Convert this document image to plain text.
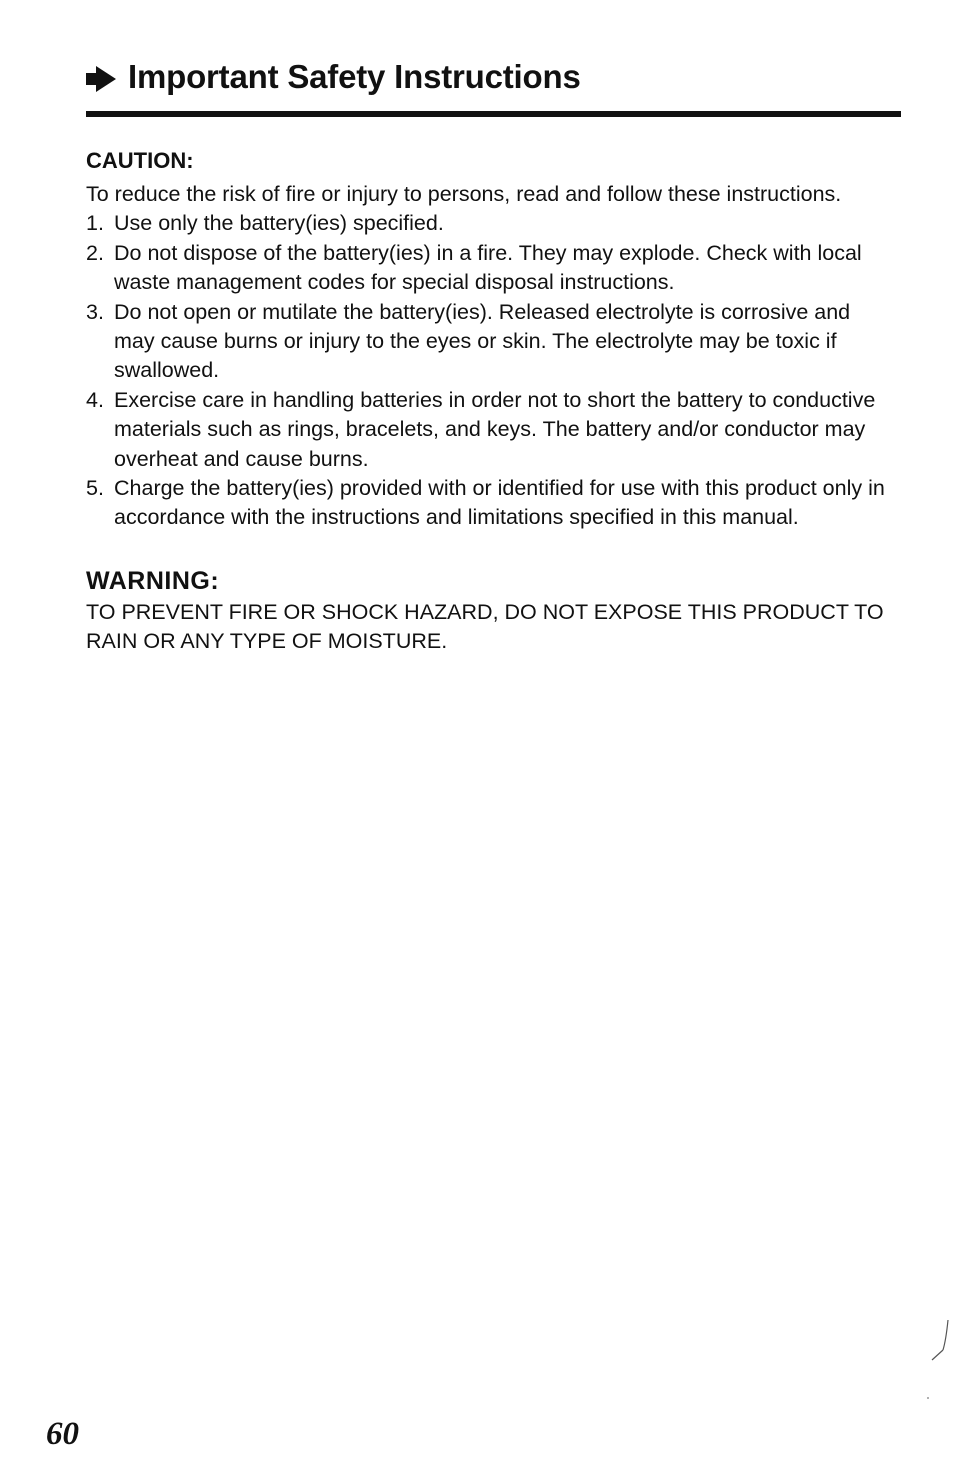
Important Safety Instructions
CAUTION:

To reduce the risk of fire or injury to persons, read and follow these instructions.

1. Use only the battery(ies) specified.
2. Do not dispose of the battery(ies) in a fire. They may explode. Check with local waste management codes for special disposal instructions.
3. Do not open or mutilate the battery(ies). Released electrolyte is corrosive and may cause burns or injury to the eyes or skin. The electrolyte may be toxic if swallowed.
4. Exercise care in handling batteries in order not to short the battery to conductive materials such as rings, bracelets, and keys. The battery and/or conductor may overheat and cause burns.
5. Charge the battery(ies) provided with or identified for use with this product only in accordance with the instructions and limitations specified in this manual.
WARNING:

TO PREVENT FIRE OR SHOCK HAZARD, DO NOT EXPOSE THIS PRODUCT TO RAIN OR ANY TYPE OF MOISTURE.

60
